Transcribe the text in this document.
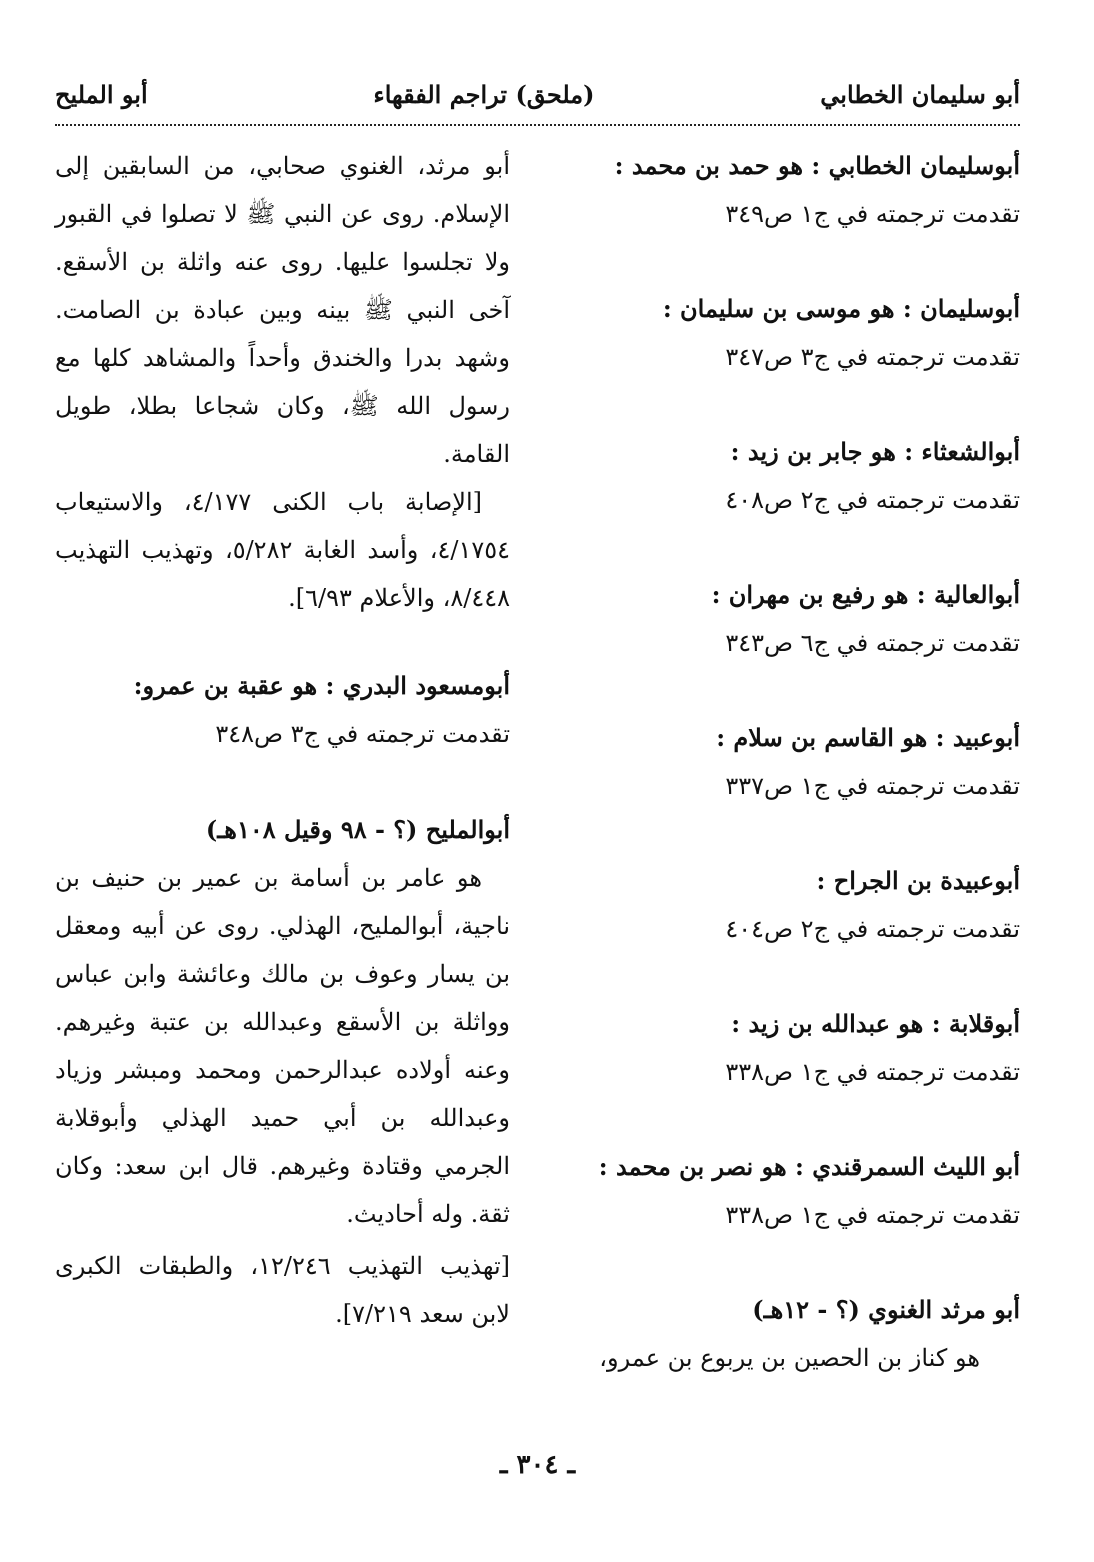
أبو سليمان الخطابي
(ملحق) تراجم الفقهاء
أبو المليح

أبوسليمان الخطابي : هو حمد بن محمد :

تقدمت ترجمته في ج١ ص٣٤٩

أبوسليمان : هو موسى بن سليمان :

تقدمت ترجمته في ج٣ ص٣٤٧

أبوالشعثاء : هو جابر بن زيد :

تقدمت ترجمته في ج٢ ص٤٠٨

أبوالعالية : هو رفيع بن مهران :

تقدمت ترجمته في ج٦ ص٣٤٣

أبوعبيد : هو القاسم بن سلام :

تقدمت ترجمته في ج١ ص٣٣٧

أبوعبيدة بن الجراح :

تقدمت ترجمته في ج٢ ص٤٠٤

أبوقلابة : هو عبدالله بن زيد :

تقدمت ترجمته في ج١ ص٣٣٨

أبو الليث السمرقندي : هو نصر بن محمد :

تقدمت ترجمته في ج١ ص٣٣٨

أبو مرثد الغنوي (؟ - ١٢هـ)

هو كناز بن الحصين بن يربوع بن عمرو،

أبو مرثد، الغنوي صحابي، من السابقين إلى الإسلام. روى عن النبي ﷺ لا تصلوا في القبور ولا تجلسوا عليها. روى عنه واثلة بن الأسقع. آخى النبي ﷺ بينه وبين عبادة بن الصامت. وشهد بدرا والخندق وأحداً والمشاهد كلها مع رسول الله ﷺ، وكان شجاعا بطلا، طويل القامة.

[الإصابة باب الكنى ٤/١٧٧، والاستيعاب ٤/١٧٥٤، وأسد الغابة ٥/٢٨٢، وتهذيب التهذيب ٨/٤٤٨، والأعلام ٦/٩٣].

أبومسعود البدري : هو عقبة بن عمرو:

تقدمت ترجمته في ج٣ ص٣٤٨

أبوالمليح (؟ - ٩٨ وقيل ١٠٨هـ)

هو عامر بن أسامة بن عمير بن حنيف بن ناجية، أبوالمليح، الهذلي. روى عن أبيه ومعقل بن يسار وعوف بن مالك وعائشة وابن عباس وواثلة بن الأسقع وعبدالله بن عتبة وغيرهم. وعنه أولاده عبدالرحمن ومحمد ومبشر وزياد وعبدالله بن أبي حميد الهذلي وأبوقلابة الجرمي وقتادة وغيرهم. قال ابن سعد: وكان ثقة. وله أحاديث.

[تهذيب التهذيب ١٢/٢٤٦، والطبقات الكبرى لابن سعد ٧/٢١٩].

ـ ٣٠٤ ـ
